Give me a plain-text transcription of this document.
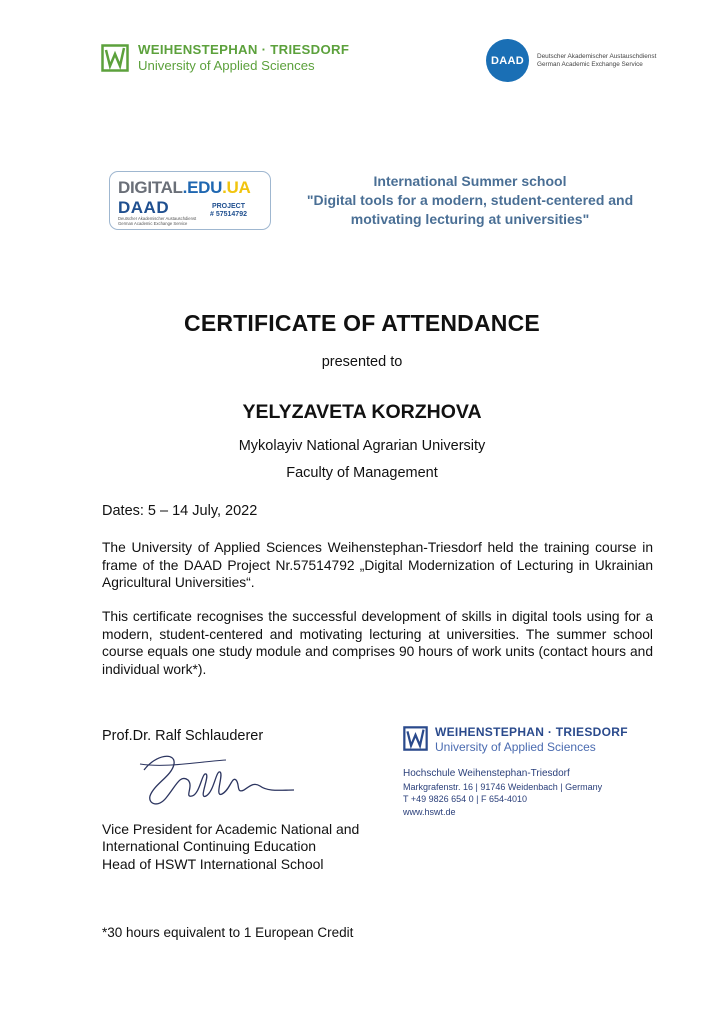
WEIHENSTEPHAN · TRIESDORF
University of Applied Sciences	DAAD	Deutscher Akademischer Austauschdienst
German Academic Exchange Service
DIGITAL.EDU.UA
DAAD	PROJECT
# 57514792
Deutscher Akademischer Austauschdienst
German Academic Exchange Service
International Summer school
"Digital tools for a modern, student-centered and
motivating lecturing at universities"
CERTIFICATE OF ATTENDANCE
presented to
YELYZAVETA KORZHOVA
Mykolayiv National Agrarian University
Faculty of Management
Dates: 5 – 14 July, 2022
The University of Applied Sciences Weihenstephan-Triesdorf held the training course in frame of the DAAD Project Nr.57514792 „Digital Modernization of Lecturing in Ukrainian Agricultural Universities“.
This certificate recognises the successful development of skills in digital tools using for a modern, student-centered and motivating lecturing at universities. The summer school course equals one study module and comprises 90 hours of work units (contact hours and individual work*).
Prof.Dr. Ralf Schlauderer
Vice President for Academic National and
International Continuing Education
Head of HSWT International School
WEIHENSTEPHAN · TRIESDORF
University of Applied Sciences
Hochschule Weihenstephan-Triesdorf
Markgrafenstr. 16 | 91746 Weidenbach | Germany
T +49 9826 654 0 | F 654-4010
www.hswt.de
*30 hours equivalent to 1 European Credit
